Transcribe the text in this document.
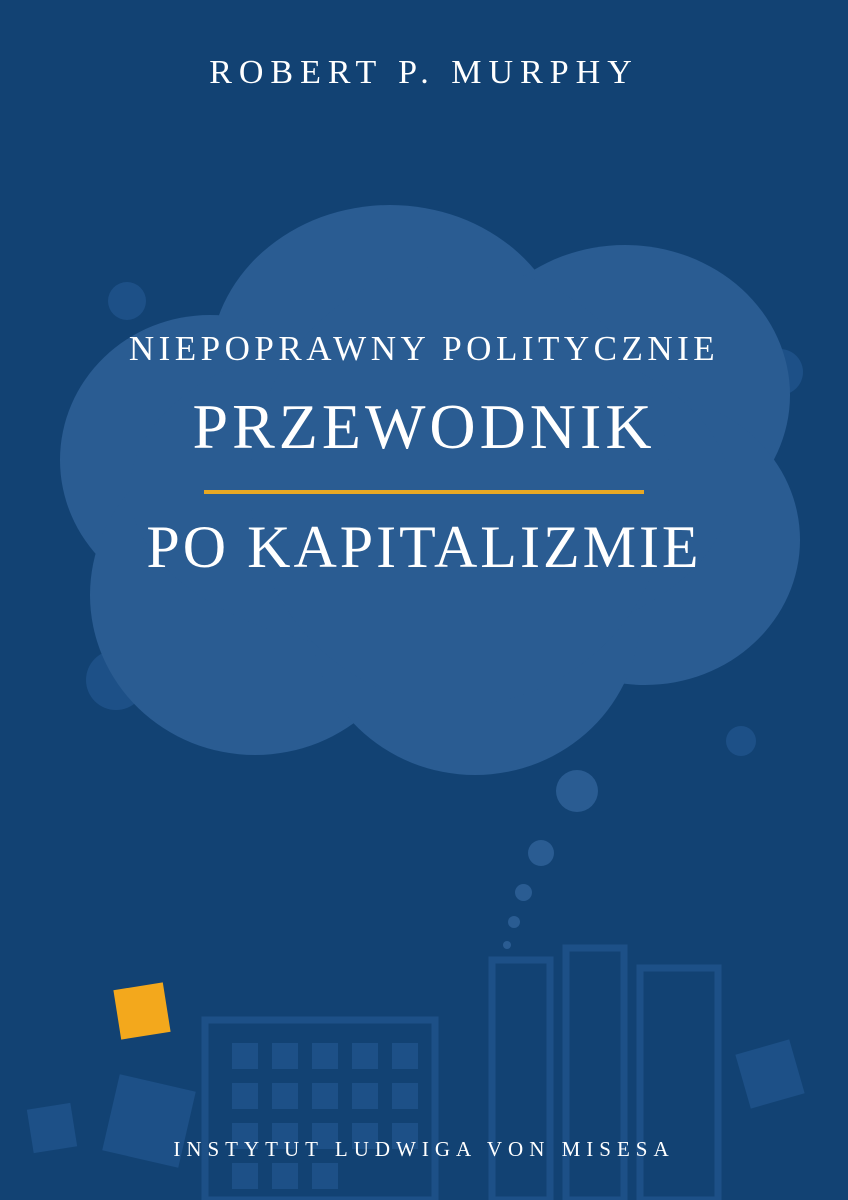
ROBERT P. MURPHY
NIEPOPRAWNY POLITYCZNIE
PRZEWODNIK
PO KAPITALIZMIE
INSTYTUT LUDWIGA VON MISESA
